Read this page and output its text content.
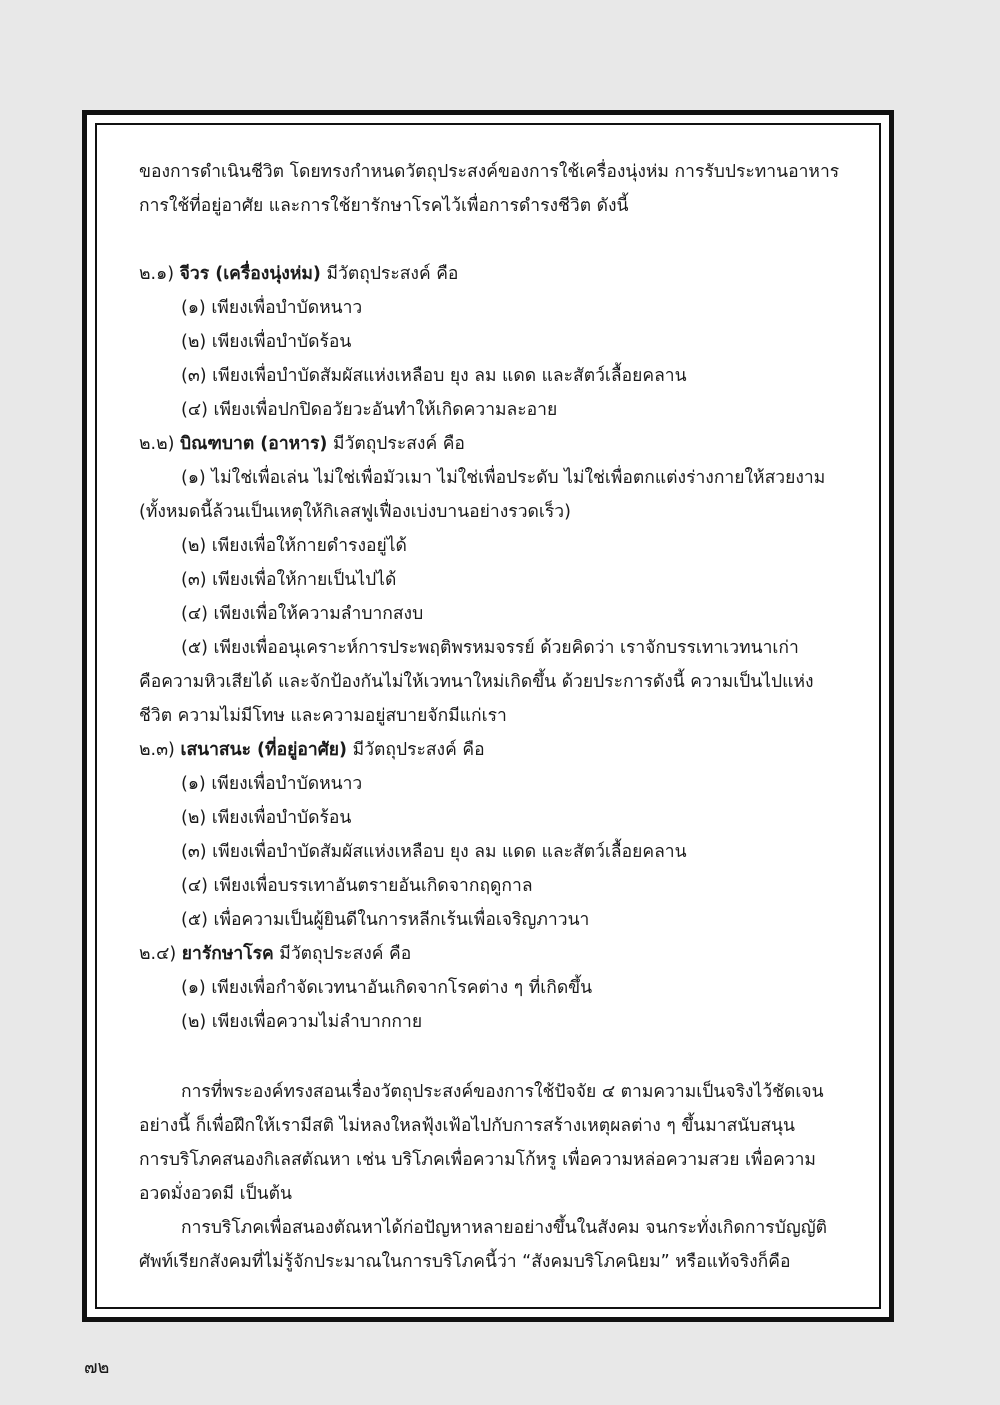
ของการดำเนินชีวิต โดยทรงกำหนดวัตถุประสงค์ของการใช้เครื่องนุ่งห่ม การรับประทานอาหาร
การใช้ที่อยู่อาศัย และการใช้ยารักษาโรคไว้เพื่อการดำรงชีวิต ดังนี้
๒.๑) จีวร (เครื่องนุ่งห่ม) มีวัตถุประสงค์ คือ
(๑) เพียงเพื่อบำบัดหนาว
(๒) เพียงเพื่อบำบัดร้อน
(๓) เพียงเพื่อบำบัดสัมผัสแห่งเหลือบ ยุง ลม แดด และสัตว์เลื้อยคลาน
(๔) เพียงเพื่อปกปิดอวัยวะอันทำให้เกิดความละอาย
๒.๒) บิณฑบาต (อาหาร) มีวัตถุประสงค์ คือ
(๑) ไม่ใช่เพื่อเล่น ไม่ใช่เพื่อมัวเมา ไม่ใช่เพื่อประดับ ไม่ใช่เพื่อตกแต่งร่างกายให้สวยงาม
(ทั้งหมดนี้ล้วนเป็นเหตุให้กิเลสฟูเฟื่องเบ่งบานอย่างรวดเร็ว)
(๒) เพียงเพื่อให้กายดำรงอยู่ได้
(๓) เพียงเพื่อให้กายเป็นไปได้
(๔) เพียงเพื่อให้ความลำบากสงบ
(๕) เพียงเพื่ออนุเคราะห์การประพฤติพรหมจรรย์ ด้วยคิดว่า เราจักบรรเทาเวทนาเก่า
คือความหิวเสียได้ และจักป้องกันไม่ให้เวทนาใหม่เกิดขึ้น ด้วยประการดังนี้ ความเป็นไปแห่ง
ชีวิต ความไม่มีโทษ และความอยู่สบายจักมีแก่เรา
๒.๓) เสนาสนะ (ที่อยู่อาศัย) มีวัตถุประสงค์ คือ
(๑) เพียงเพื่อบำบัดหนาว
(๒) เพียงเพื่อบำบัดร้อน
(๓) เพียงเพื่อบำบัดสัมผัสแห่งเหลือบ ยุง ลม แดด และสัตว์เลื้อยคลาน
(๔) เพียงเพื่อบรรเทาอันตรายอันเกิดจากฤดูกาล
(๕) เพื่อความเป็นผู้ยินดีในการหลีกเร้นเพื่อเจริญภาวนา
๒.๔) ยารักษาโรค มีวัตถุประสงค์ คือ
(๑) เพียงเพื่อกำจัดเวทนาอันเกิดจากโรคต่าง ๆ ที่เกิดขึ้น
(๒) เพียงเพื่อความไม่ลำบากกาย
การที่พระองค์ทรงสอนเรื่องวัตถุประสงค์ของการใช้ปัจจัย ๔ ตามความเป็นจริงไว้ชัดเจน
อย่างนี้ ก็เพื่อฝึกให้เรามีสติ ไม่หลงใหลฟุ้งเฟ้อไปกับการสร้างเหตุผลต่าง ๆ ขึ้นมาสนับสนุน
การบริโภคสนองกิเลสตัณหา เช่น บริโภคเพื่อความโก้หรู เพื่อความหล่อความสวย เพื่อความ
อวดมั่งอวดมี เป็นต้น
การบริโภคเพื่อสนองตัณหาได้ก่อปัญหาหลายอย่างขึ้นในสังคม จนกระทั่งเกิดการบัญญัติ
ศัพท์เรียกสังคมที่ไม่รู้จักประมาณในการบริโภคนี้ว่า “สังคมบริโภคนิยม” หรือแท้จริงก็คือ
๗๒
